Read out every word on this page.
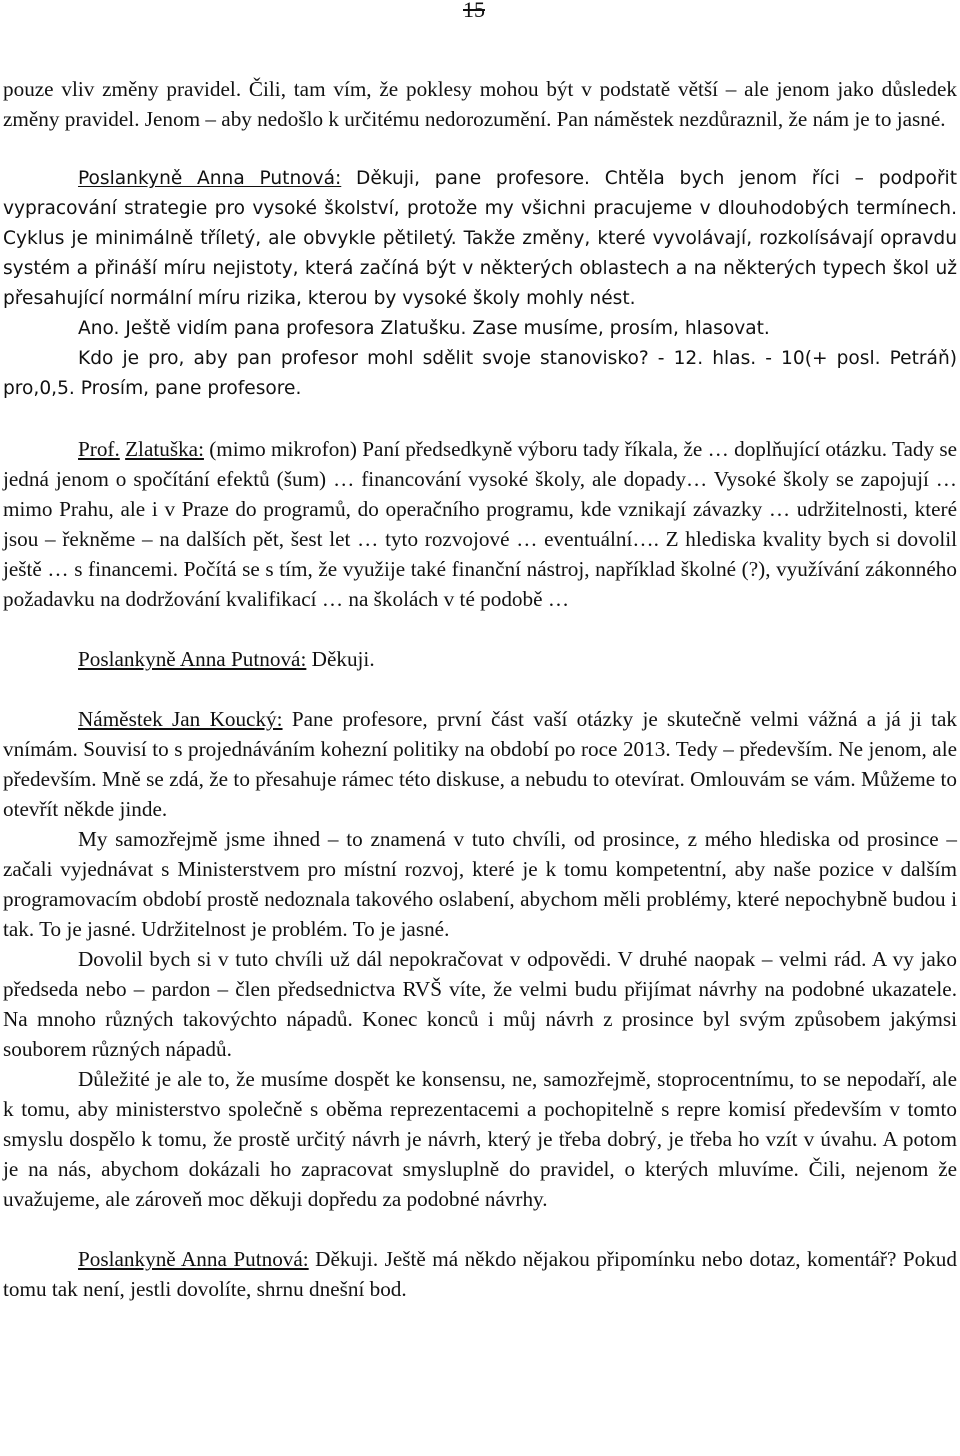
15

pouze vliv změny pravidel. Čili, tam vím, že poklesy mohou být v podstatě větší – ale jenom jako důsledek změny pravidel. Jenom – aby nedošlo k určitému nedorozumění. Pan náměstek nezdůraznil, že nám je to jasné.

Poslankyně Anna Putnová: Děkuji, pane profesore. Chtěla bych jenom říci – podpořit vypracování strategie pro vysoké školství, protože my všichni pracujeme v dlouhodobých termínech. Cyklus je minimálně tříletý, ale obvykle pětiletý. Takže změny, které vyvolávají, rozkolísávají opravdu systém a přináší míru nejistoty, která začíná být v některých oblastech a na některých typech škol už přesahující normální míru rizika, kterou by vysoké školy mohly nést.

Ano. Ještě vidím pana profesora Zlatušku. Zase musíme, prosím, hlasovat.

Kdo je pro, aby pan profesor mohl sdělit svoje stanovisko? - 12. hlas. - 10(+ posl. Petráň) pro,0,5. Prosím, pane profesore.

Prof. Zlatuška: (mimo mikrofon) Paní předsedkyně výboru tady říkala, že … doplňující otázku. Tady se jedná jenom o spočítání efektů (šum) … financování vysoké školy, ale dopady… Vysoké školy se zapojují … mimo Prahu, ale i v Praze do programů, do operačního programu, kde vznikají závazky … udržitelnosti, které jsou – řekněme – na dalších pět, šest let … tyto rozvojové … eventuální…. Z hlediska kvality bych si dovolil ještě … s financemi. Počítá se s tím, že využije také finanční nástroj, například školné (?), využívání zákonného požadavku na dodržování kvalifikací … na školách v té podobě …

Poslankyně Anna Putnová: Děkuji.

Náměstek Jan Koucký: Pane profesore, první část vaší otázky je skutečně velmi vážná a já ji tak vnímám. Souvisí to s projednáváním kohezní politiky na období po roce 2013. Tedy – především. Ne jenom, ale především. Mně se zdá, že to přesahuje rámec této diskuse, a nebudu to otevírat. Omlouvám se vám. Můžeme to otevřít někde jinde.

My samozřejmě jsme ihned – to znamená v tuto chvíli, od prosince, z mého hlediska od prosince – začali vyjednávat s Ministerstvem pro místní rozvoj, které je k tomu kompetentní, aby naše pozice v dalším programovacím období prostě nedoznala takového oslabení, abychom měli problémy, které nepochybně budou i tak. To je jasné. Udržitelnost je problém. To je jasné.

Dovolil bych si v tuto chvíli už dál nepokračovat v odpovědi. V druhé naopak – velmi rád. A vy jako předseda nebo – pardon – člen předsednictva RVŠ víte, že velmi budu přijímat návrhy na podobné ukazatele. Na mnoho různých takovýchto nápadů. Konec konců i můj návrh z prosince byl svým způsobem jakýmsi souborem různých nápadů.

Důležité je ale to, že musíme dospět ke konsensu, ne, samozřejmě, stoprocentnímu, to se nepodaří, ale k tomu, aby ministerstvo společně s oběma reprezentacemi a pochopitelně s repre komisí především v tomto smyslu dospělo k tomu, že prostě určitý návrh je návrh, který je třeba dobrý, je třeba ho vzít v úvahu. A potom je na nás, abychom dokázali ho zapracovat smysluplně do pravidel, o kterých mluvíme. Čili, nejenom že uvažujeme, ale zároveň moc děkuji dopředu za podobné návrhy.

Poslankyně Anna Putnová: Děkuji. Ještě má někdo nějakou připomínku nebo dotaz, komentář? Pokud tomu tak není, jestli dovolíte, shrnu dnešní bod.
